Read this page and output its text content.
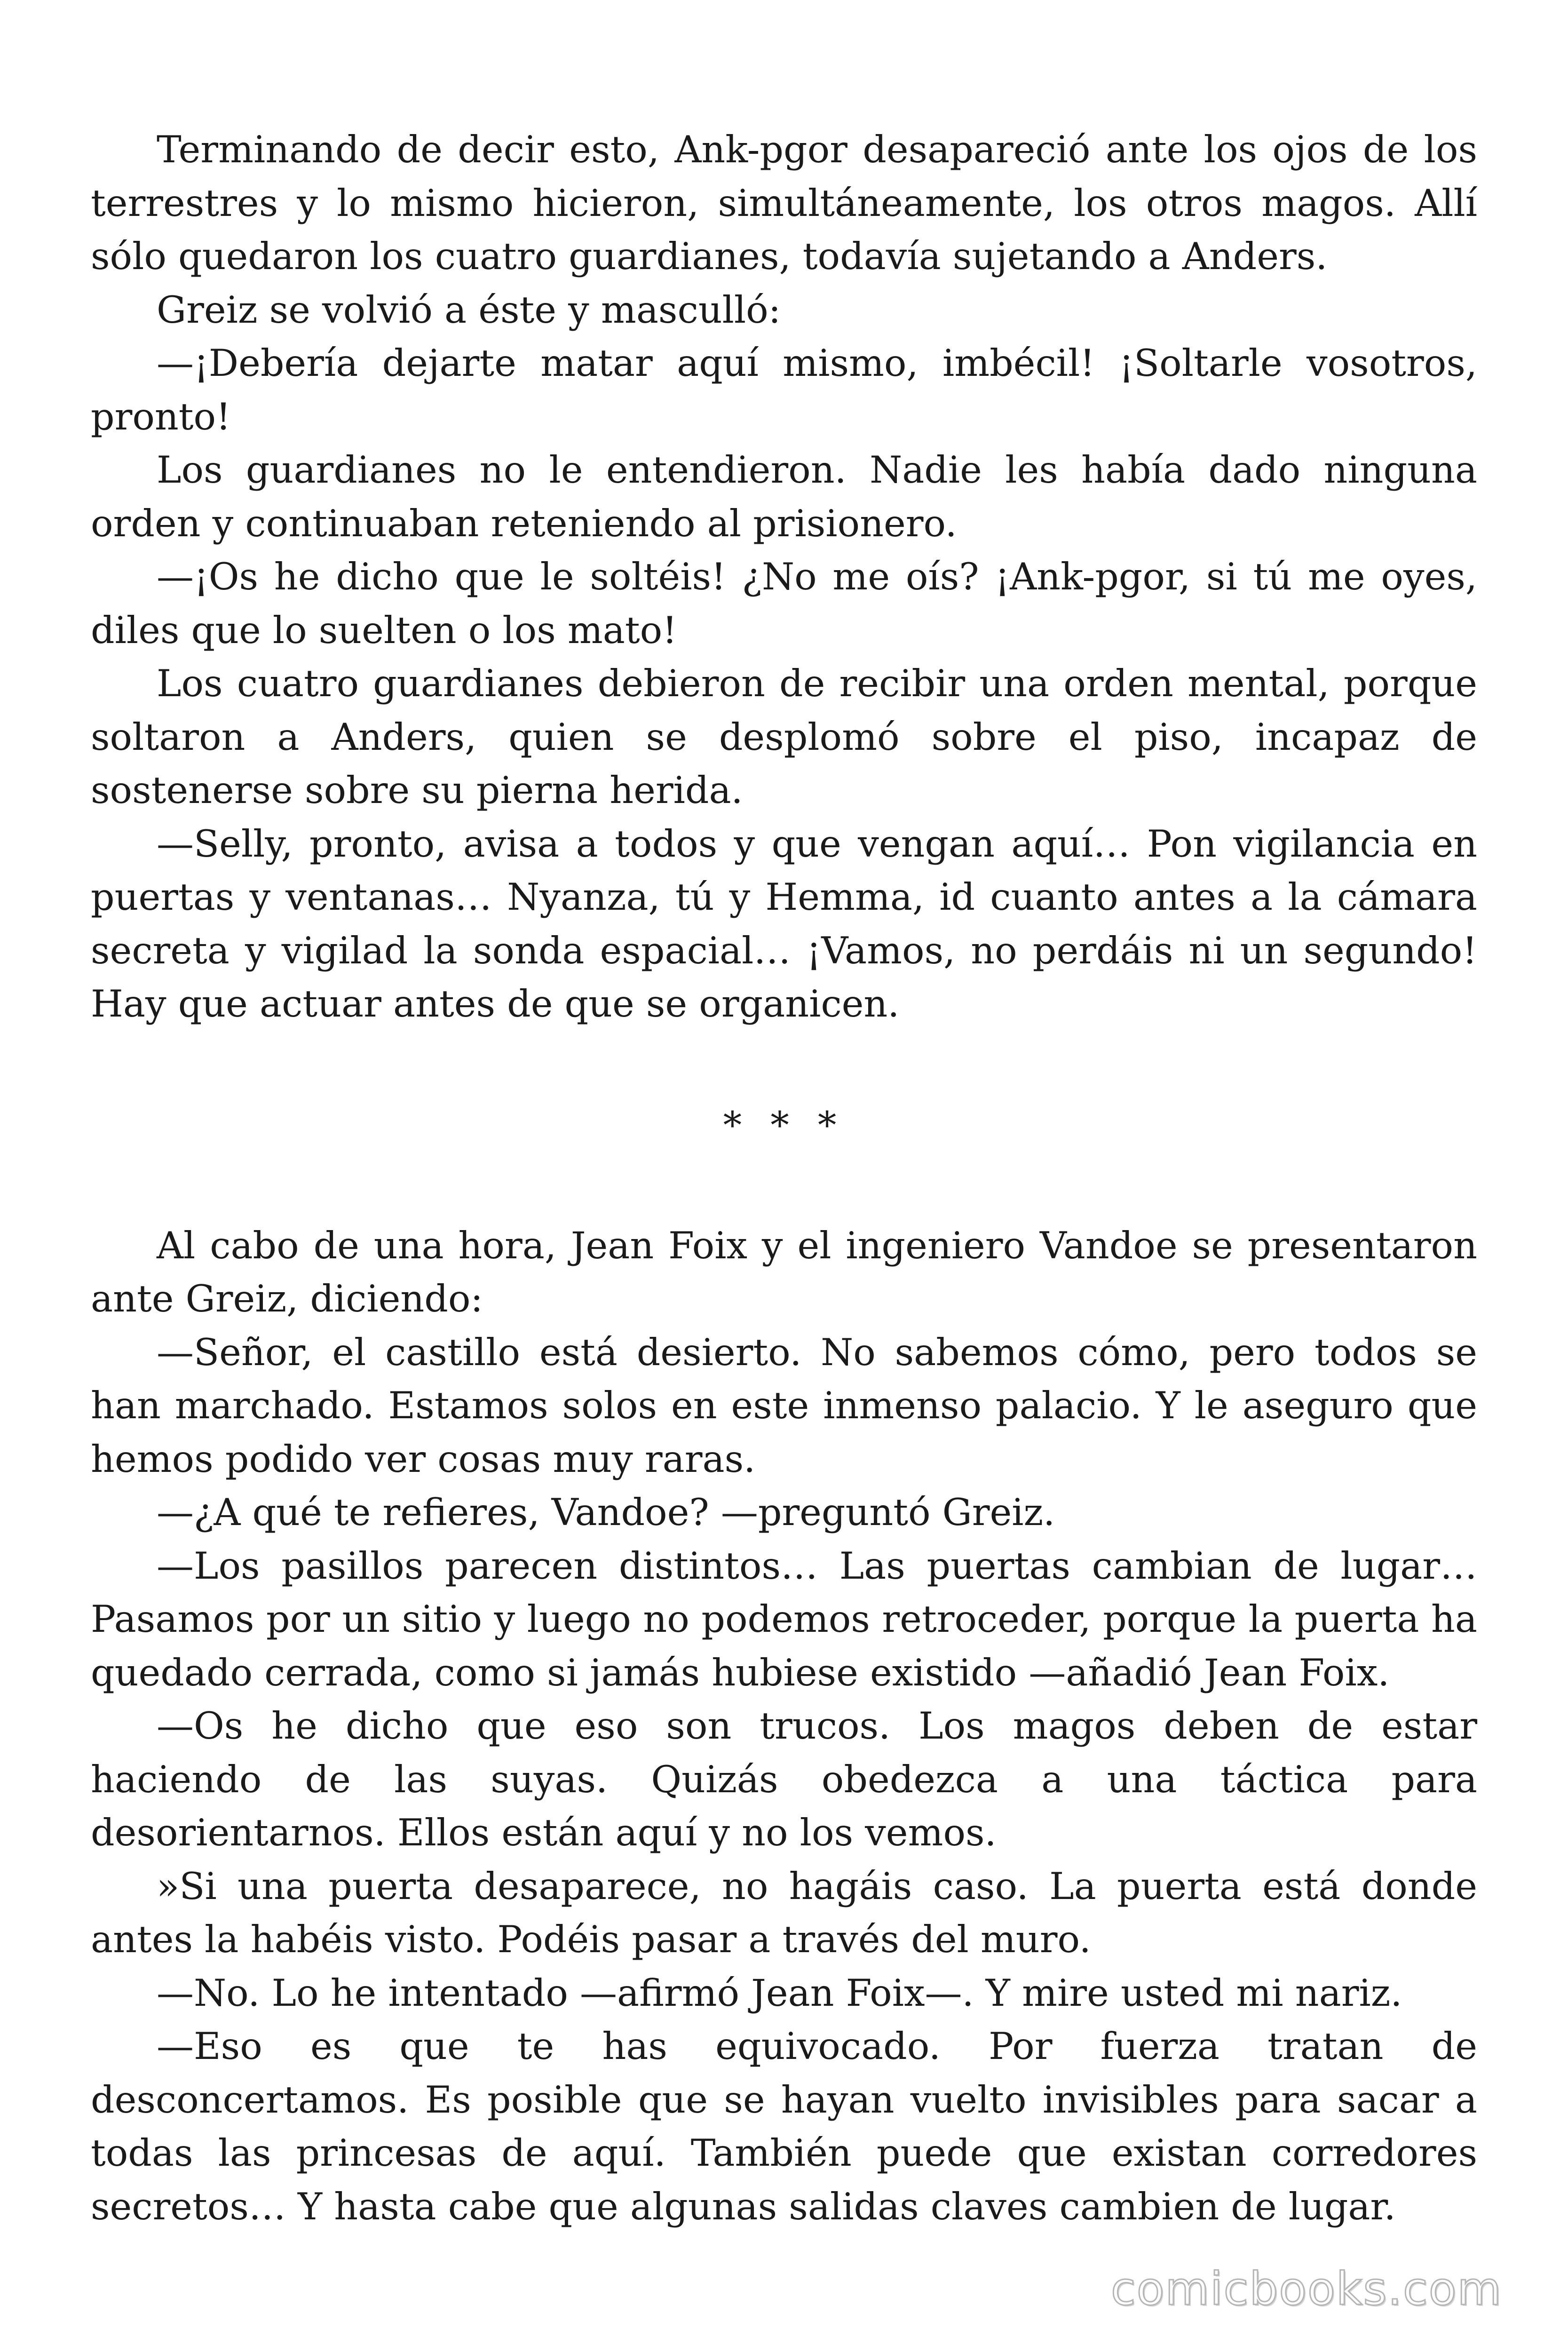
Terminando de decir esto, Ank-pgor desapareció ante los ojos de los terrestres y lo mismo hicieron, simultáneamente, los otros magos. Allí sólo quedaron los cuatro guardianes, todavía sujetando a Anders.

Greiz se volvió a éste y masculló:

—¡Debería dejarte matar aquí mismo, imbécil! ¡Soltarle vosotros, pronto!

Los guardianes no le entendieron. Nadie les había dado ninguna orden y continuaban reteniendo al prisionero.

—¡Os he dicho que le soltéis! ¿No me oís? ¡Ank-pgor, si tú me oyes, diles que lo suelten o los mato!

Los cuatro guardianes debieron de recibir una orden mental, porque soltaron a Anders, quien se desplomó sobre el piso, incapaz de sostenerse sobre su pierna herida.

—Selly, pronto, avisa a todos y que vengan aquí… Pon vigilancia en puertas y ventanas… Nyanza, tú y Hemma, id cuanto antes a la cámara secreta y vigilad la sonda espacial… ¡Vamos, no perdáis ni un segundo! Hay que actuar antes de que se organicen.

* * *

Al cabo de una hora, Jean Foix y el ingeniero Vandoe se presentaron ante Greiz, diciendo:

—Señor, el castillo está desierto. No sabemos cómo, pero todos se han marchado. Estamos solos en este inmenso palacio. Y le aseguro que hemos podido ver cosas muy raras.

—¿A qué te refieres, Vandoe? —preguntó Greiz.

—Los pasillos parecen distintos… Las puertas cambian de lugar… Pasamos por un sitio y luego no podemos retroceder, porque la puerta ha quedado cerrada, como si jamás hubiese existido —añadió Jean Foix.

—Os he dicho que eso son trucos. Los magos deben de estar haciendo de las suyas. Quizás obedezca a una táctica para desorientarnos. Ellos están aquí y no los vemos.

»Si una puerta desaparece, no hagáis caso. La puerta está donde antes la habéis visto. Podéis pasar a través del muro.

—No. Lo he intentado —afirmó Jean Foix—. Y mire usted mi nariz.

—Eso es que te has equivocado. Por fuerza tratan de desconcertamos. Es posible que se hayan vuelto invisibles para sacar a todas las princesas de aquí. También puede que existan corredores secretos… Y hasta cabe que algunas salidas claves cambien de lugar.

comicbooks.com
